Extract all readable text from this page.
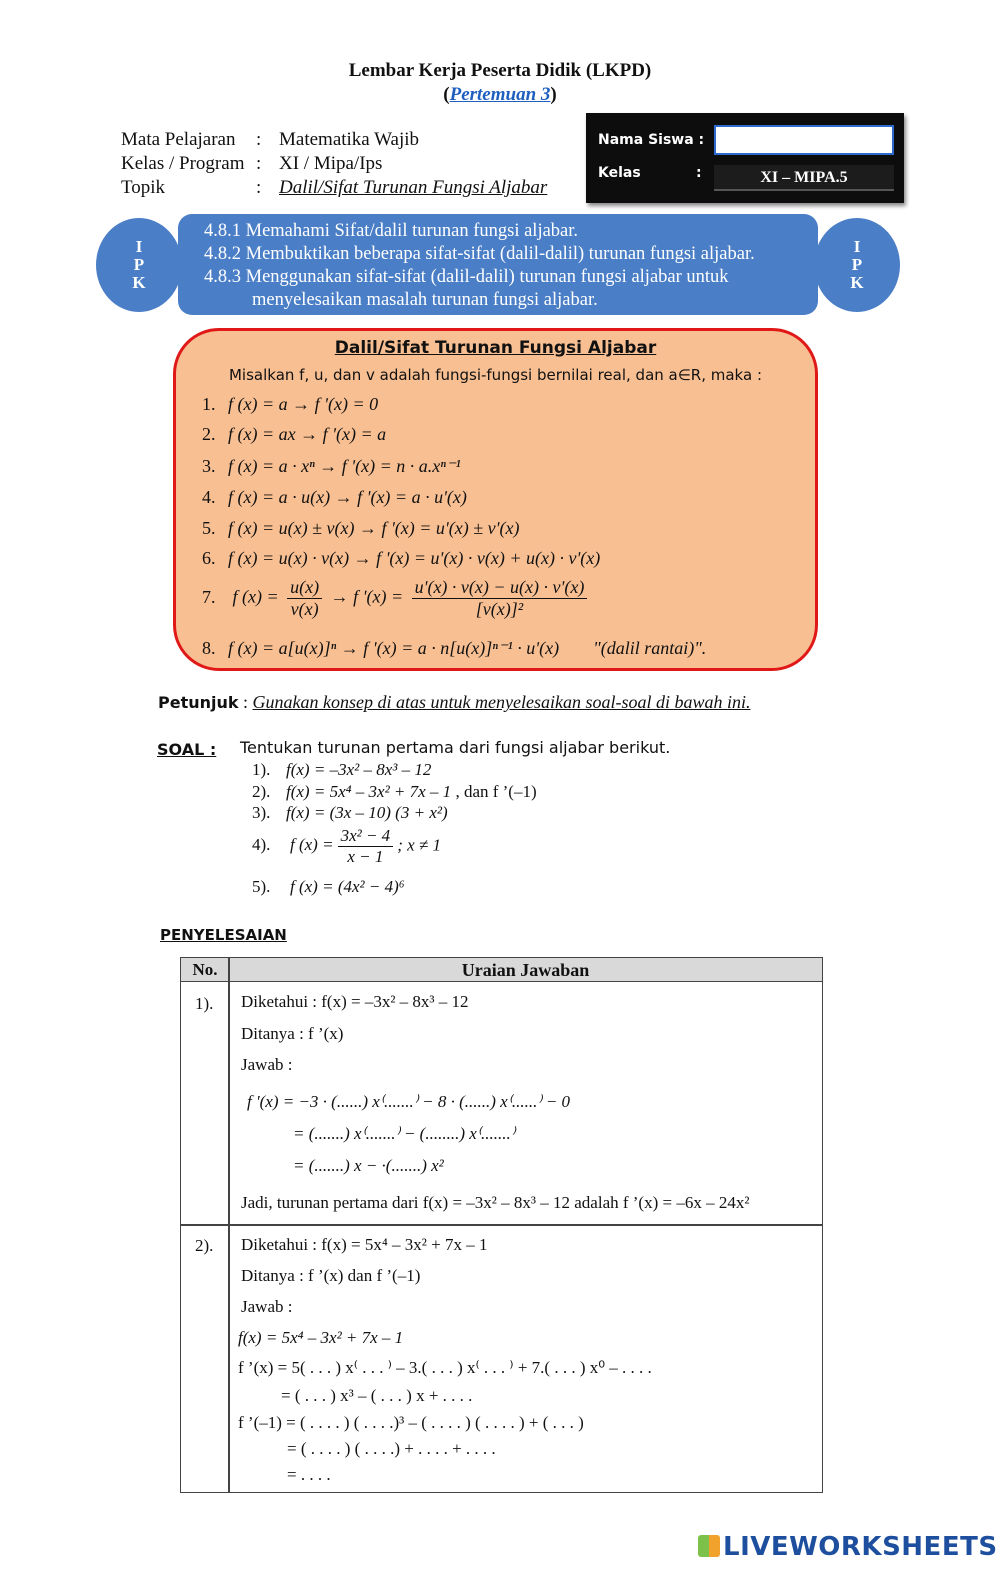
Lembar Kerja Peserta Didik (LKPD)
(Pertemuan 3)
Mata Pelajaran : Matematika Wajib
Kelas / Program : XI / Mipa/Ips
Topik	: Dalil/Sifat Turunan Fungsi Aljabar
Nama Siswa :
Kelas	:	XI – MIPA.5
I
P
K
I
P
K
4.8.1 Memahami Sifat/dalil turunan fungsi aljabar.
4.8.2 Membuktikan beberapa sifat-sifat (dalil-dalil) turunan fungsi aljabar.
4.8.3 Menggunakan sifat-sifat (dalil-dalil) turunan fungsi aljabar untuk
menyelesaikan masalah turunan fungsi aljabar.
Dalil/Sifat Turunan Fungsi Aljabar
Misalkan f, u, dan v adalah fungsi-fungsi bernilai real, dan a∈R, maka :
1. f (x) = a → f ʹ(x) = 0
2. f (x) = ax → f ʹ(x) = a
3. f (x) = a · xⁿ → f ʹ(x) = n · a.xⁿ⁻¹
4. f (x) = a · u(x) → f ʹ(x) = a · uʹ(x)
5. f (x) = u(x) ± v(x) → f ʹ(x) = uʹ(x) ± vʹ(x)
6. f (x) = u(x) · v(x) → f ʹ(x) = uʹ(x) · v(x) + u(x) · vʹ(x)
7. f $(x) = \frac{u(x)}{v(x)} \to f$ ʹ(x) = $\frac{\text{uʹ(x) · v(x) − u(x) · vʹ(x)}}{\text{[v(x)]²}}$
8. f (x) = a[u(x)]ⁿ → f ʹ(x) = a · n[u(x)]ⁿ⁻¹ · uʹ(x) "(dalil rantai)".
Petunjuk : Gunakan konsep di atas untuk menyelesaikan soal-soal di bawah ini.
SOAL : Tentukan turunan pertama dari fungsi aljabar berikut.
1). f(x) = –3x² – 8x³ – 12
2). f(x) = 5x⁴ – 3x² + 7x – 1 , dan f ’(–1)
3). f(x) = (3x – 10) (3 + x²)
4). f $(x) = \frac{\text{3x² − 4}}{x - 1}$ ; x ≠ 1
5). f (x) = (4x² − 4)⁶
PENYELESAIAN
No.	Uraian Jawaban
1). Diketahui : f(x) = –3x² – 8x³ – 12
Ditanya : f ’(x)
Jawab :
f ʹ(x) = −3 · (......) x⁽.......⁾ − 8 · (......) x⁽......⁾ − 0
= (.......) x⁽.......⁾ − (........) x⁽.......⁾
= (.......) x − ·(.......) x²
Jadi, turunan pertama dari f(x) = –3x² – 8x³ – 12 adalah f ’(x) = –6x – 24x²
2). Diketahui : f(x) = 5x⁴ – 3x² + 7x – 1
Ditanya : f ’(x) dan f ’(–1)
Jawab :
f(x) = 5x⁴ – 3x² + 7x – 1
f ’(x) = 5( . . . ) x⁽ . . . ⁾ – 3.( . . . ) x⁽ . . . ⁾ + 7.( . . . ) x⁰ – . . . .
= ( . . . ) x³ – ( . . . ) x + . . . .
f ’(–1) = ( . . . . ) ( . . . .)³ – ( . . . . ) ( . . . . ) + ( . . . )
= ( . . . . ) ( . . . .) + . . . . + . . . .
= . . . .
LIVEWORKSHEETS
